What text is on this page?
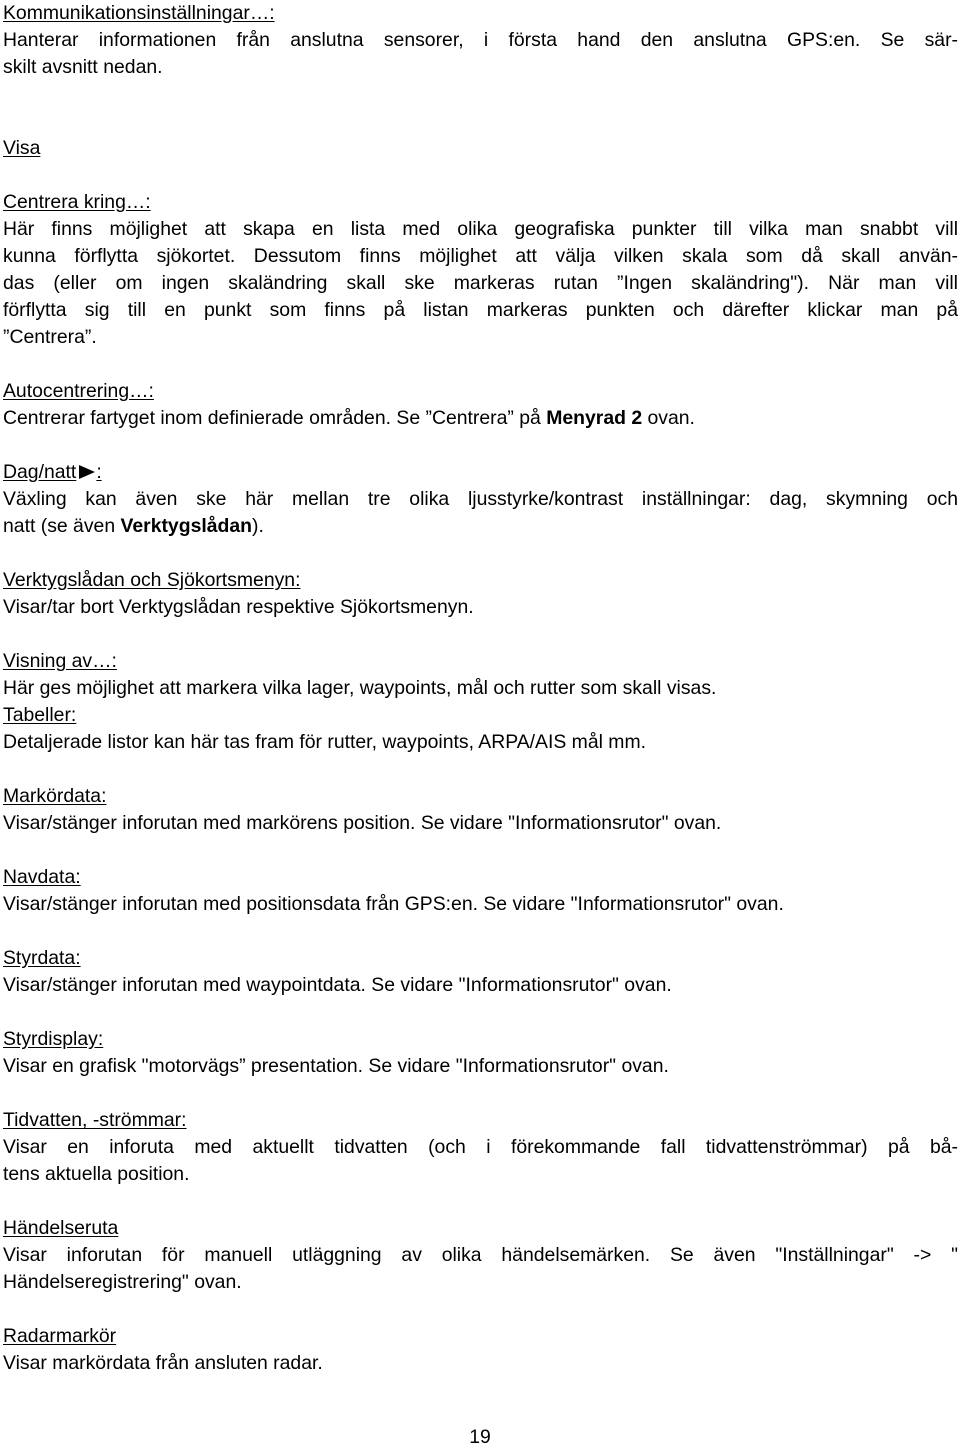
Kommunikationsinställningar…:
Hanterar informationen från anslutna sensorer, i första hand den anslutna GPS:en. Se sär-
skilt avsnitt nedan.
Visa
Centrera kring…:
Här finns möjlighet att skapa en lista med olika geografiska punkter till vilka man snabbt vill
kunna förflytta sjökortet. Dessutom finns möjlighet att välja vilken skala som då skall använ-
das (eller om ingen skaländring skall ske markeras rutan ”Ingen skaländring"). När man vill
förflytta sig till en punkt som finns på listan markeras punkten och därefter klickar man på
”Centrera”.
Autocentrering…:
Centrerar fartyget inom definierade områden. Se ”Centrera” på Menyrad 2 ovan.
Dag/natt :
Växling kan även ske här mellan tre olika ljusstyrke/kontrast inställningar: dag, skymning och
natt (se även Verktygslådan).
Verktygslådan och Sjökortsmenyn:
Visar/tar bort Verktygslådan respektive Sjökortsmenyn.
Visning av…:
Här ges möjlighet att markera vilka lager, waypoints, mål och rutter som skall visas.
Tabeller:
Detaljerade listor kan här tas fram för rutter, waypoints, ARPA/AIS mål mm.
Markördata:
Visar/stänger inforutan med markörens position. Se vidare "Informationsrutor" ovan.
Navdata:
Visar/stänger inforutan med positionsdata från GPS:en. Se vidare "Informationsrutor" ovan.
Styrdata:
Visar/stänger inforutan med waypointdata. Se vidare "Informationsrutor" ovan.
Styrdisplay:
Visar en grafisk "motorvägs” presentation. Se vidare "Informationsrutor" ovan.
Tidvatten, -strömmar:
Visar en inforuta med aktuellt tidvatten (och i förekommande fall tidvattenströmmar) på bå-
tens aktuella position.
Händelseruta
Visar inforutan för manuell utläggning av olika händelsemärken. Se även "Inställningar" -> "
Händelseregistrering" ovan.
Radarmarkör
Visar markördata från ansluten radar.
19
